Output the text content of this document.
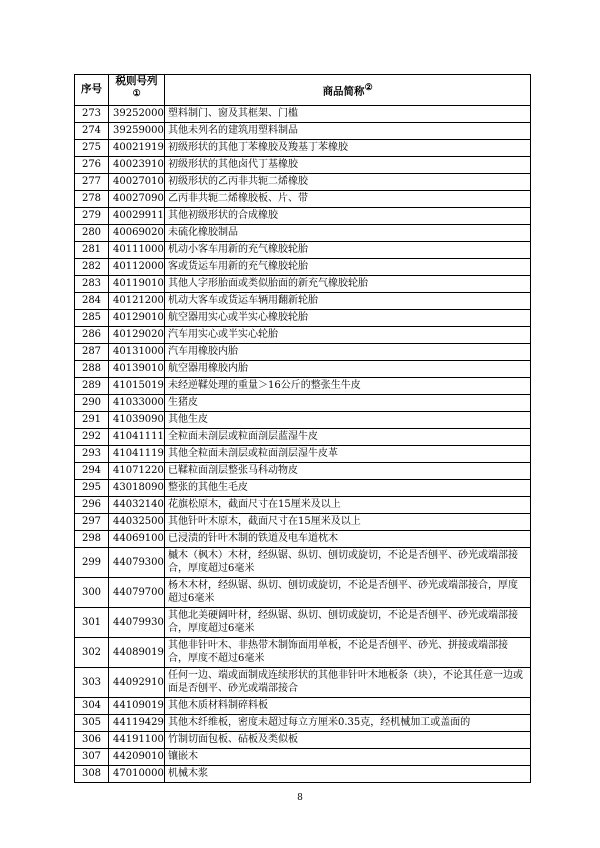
序号	税则号列①	商品简称②
273	39252000	塑料制门、窗及其框架、门槛
274	39259000	其他未列名的建筑用塑料制品
275	40021919	初级形状的其他丁苯橡胶及羧基丁苯橡胶
276	40023910	初级形状的其他卤代丁基橡胶
277	40027010	初级形状的乙丙非共轭二烯橡胶
278	40027090	乙丙非共轭二烯橡胶板、片、带
279	40029911	其他初级形状的合成橡胶
280	40069020	未硫化橡胶制品
281	40111000	机动小客车用新的充气橡胶轮胎
282	40112000	客或货运车用新的充气橡胶轮胎
283	40119010	其他人字形胎面或类似胎面的新充气橡胶轮胎
284	40121200	机动大客车或货运车辆用翻新轮胎
285	40129010	航空器用实心或半实心橡胶轮胎
286	40129020	汽车用实心或半实心轮胎
287	40131000	汽车用橡胶内胎
288	40139010	航空器用橡胶内胎
289	41015019	未经逆鞣处理的重量＞16公斤的整张生牛皮
290	41033000	生猪皮
291	41039090	其他生皮
292	41041111	全粒面未剖层或粒面剖层蓝湿牛皮
293	41041119	其他全粒面未剖层或粒面剖层湿牛皮革
294	41071220	已鞣粒面剖层整张马科动物皮
295	43018090	整张的其他生毛皮
296	44032140	花旗松原木，截面尺寸在15厘米及以上
297	44032500	其他针叶木原木，截面尺寸在15厘米及以上
298	44069100	已浸渍的针叶木制的铁道及电车道枕木
299	44079300	槭木（枫木）木材，经纵锯、纵切、刨切或旋切，不论是否刨平、砂光或端部接合，厚度超过6毫米
300	44079700	杨木木材，经纵锯、纵切、刨切或旋切，不论是否刨平、砂光或端部接合，厚度超过6毫米
301	44079930	其他北美硬阔叶材，经纵锯、纵切、刨切或旋切，不论是否刨平、砂光或端部接合，厚度超过6毫米
302	44089019	其他非针叶木、非热带木制饰面用单板，不论是否刨平、砂光、拼接或端部接合，厚度不超过6毫米
303	44092910	任何一边、端或面制成连续形状的其他非针叶木地板条（块），不论其任意一边或面是否刨平、砂光或端部接合
304	44109019	其他木质材料制碎料板
305	44119429	其他木纤维板，密度未超过每立方厘米0.35克，经机械加工或盖面的
306	44191100	竹制切面包板、砧板及类似板
307	44209010	镶嵌木
308	47010000	机械木浆
8
